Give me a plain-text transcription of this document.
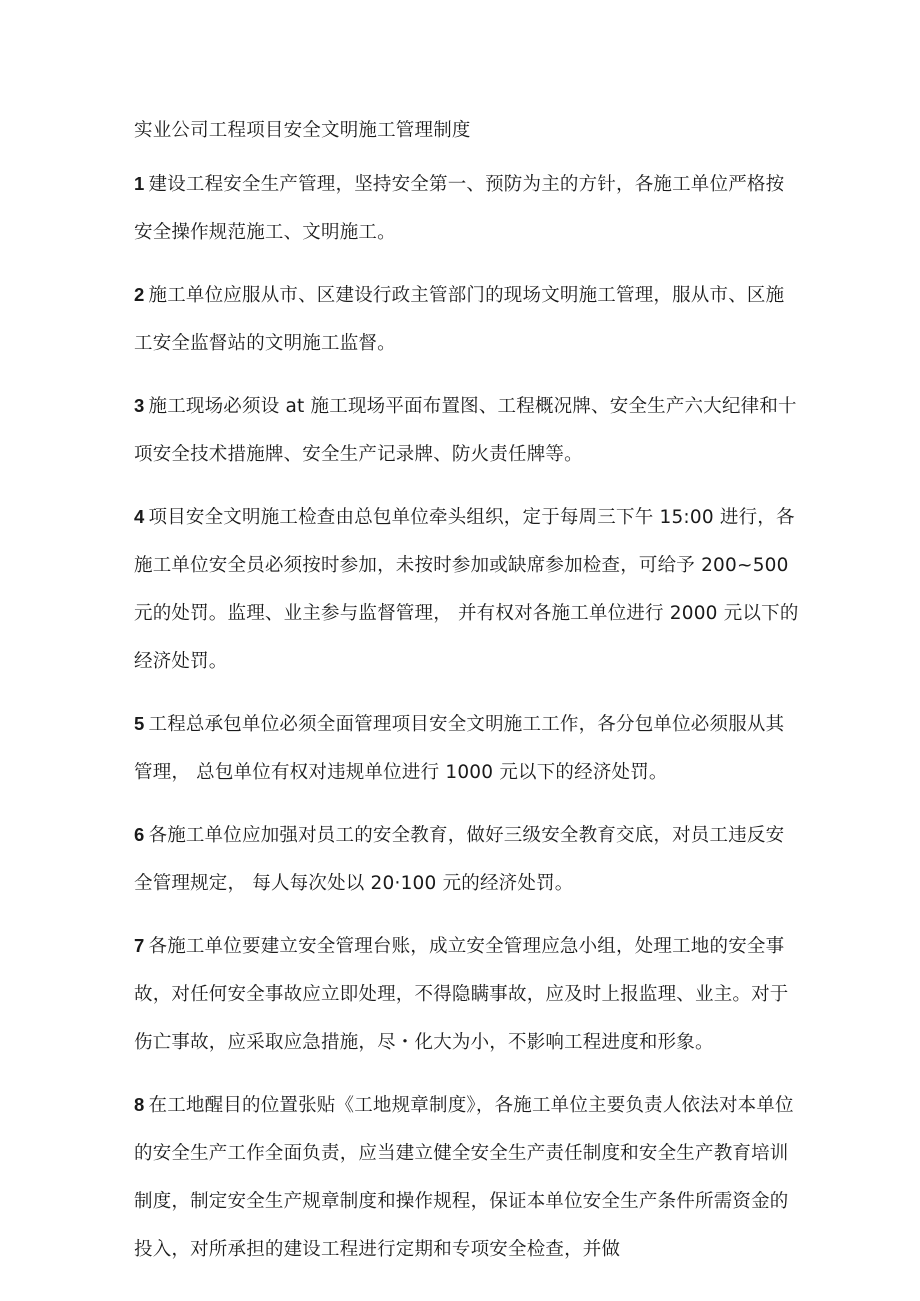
实业公司工程项目安全文明施工管理制度
1 建设工程安全生产管理，坚持安全第一、预防为主的方针，各施工单位严格按安全操作规范施工、文明施工。
2 施工单位应服从市、区建设行政主管部门的现场文明施工管理，服从市、区施工安全监督站的文明施工监督。
3 施工现场必须设 at 施工现场平面布置图、工程概况牌、安全生产六大纪律和十项安全技术措施牌、安全生产记录牌、防火责任牌等。
4 项目安全文明施工检查由总包单位牵头组织，定于每周三下午 15:00 进行，各施工单位安全员必须按时参加，未按时参加或缺席参加检查，可给予 200~500 元的处罚。监理、业主参与监督管理， 并有权对各施工单位进行 2000 元以下的经济处罚。
5 工程总承包单位必须全面管理项目安全文明施工工作，各分包单位必须服从其管理， 总包单位有权对违规单位进行 1000 元以下的经济处罚。
6 各施工单位应加强对员工的安全教育，做好三级安全教育交底，对员工违反安全管理规定， 每人每次处以 20·100 元的经济处罚。
7 各施工单位要建立安全管理台账，成立安全管理应急小组，处理工地的安全事故，对任何安全事故应立即处理，不得隐瞒事故，应及时上报监理、业主。对于伤亡事故，应采取应急措施，尽・化大为小，不影响工程进度和形象。
8 在工地醒目的位置张贴《工地规章制度》，各施工单位主要负责人依法对本单位的安全生产工作全面负责，应当建立健全安全生产责任制度和安全生产教育培训制度，制定安全生产规章制度和操作规程，保证本单位安全生产条件所需资金的投入，对所承担的建设工程进行定期和专项安全检查，并做
